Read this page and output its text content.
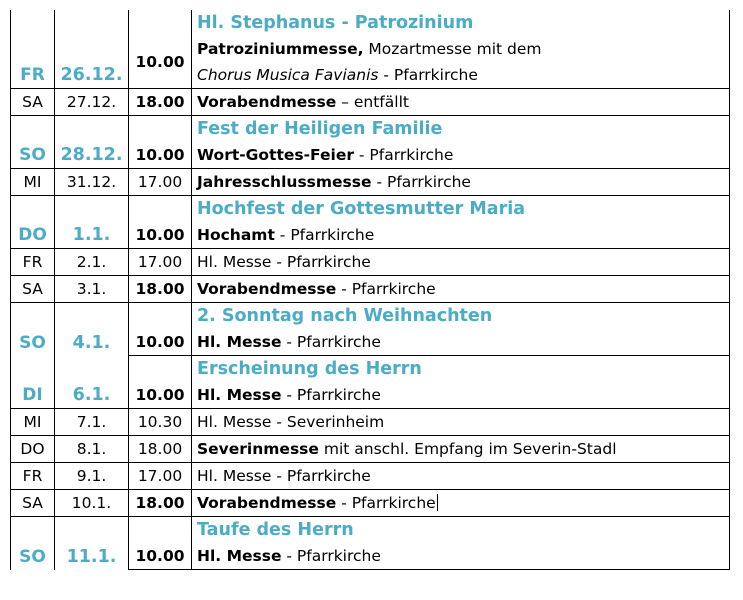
FR	26.12.		Hl. Stephanus - Patrozinium
		10.00	Patroziniummesse, Mozartmesse mit dem
			Chorus Musica Favianis - Pfarrkirche
SA	27.12.	18.00	Vorabendmesse – entfällt
SO	28.12.		Fest der Heiligen Familie
		10.00	Wort-Gottes-Feier - Pfarrkirche
MI	31.12.	17.00	Jahresschlussmesse - Pfarrkirche
DO	1.1.		Hochfest der Gottesmutter Maria
		10.00	Hochamt - Pfarrkirche
FR	2.1.	17.00	Hl. Messe - Pfarrkirche
SA	3.1.	18.00	Vorabendmesse - Pfarrkirche
SO	4.1.		2. Sonntag nach Weihnachten
		10.00	Hl. Messe - Pfarrkirche
DI	6.1.		Erscheinung des Herrn
		10.00	Hl. Messe - Pfarrkirche
MI	7.1.	10.30	Hl. Messe - Severinheim
DO	8.1.	18.00	Severinmesse mit anschl. Empfang im Severin-Stadl
FR	9.1.	17.00	Hl. Messe - Pfarrkirche
SA	10.1.	18.00	Vorabendmesse - Pfarrkirche
SO	11.1.		Taufe des Herrn
		10.00	Hl. Messe - Pfarrkirche
